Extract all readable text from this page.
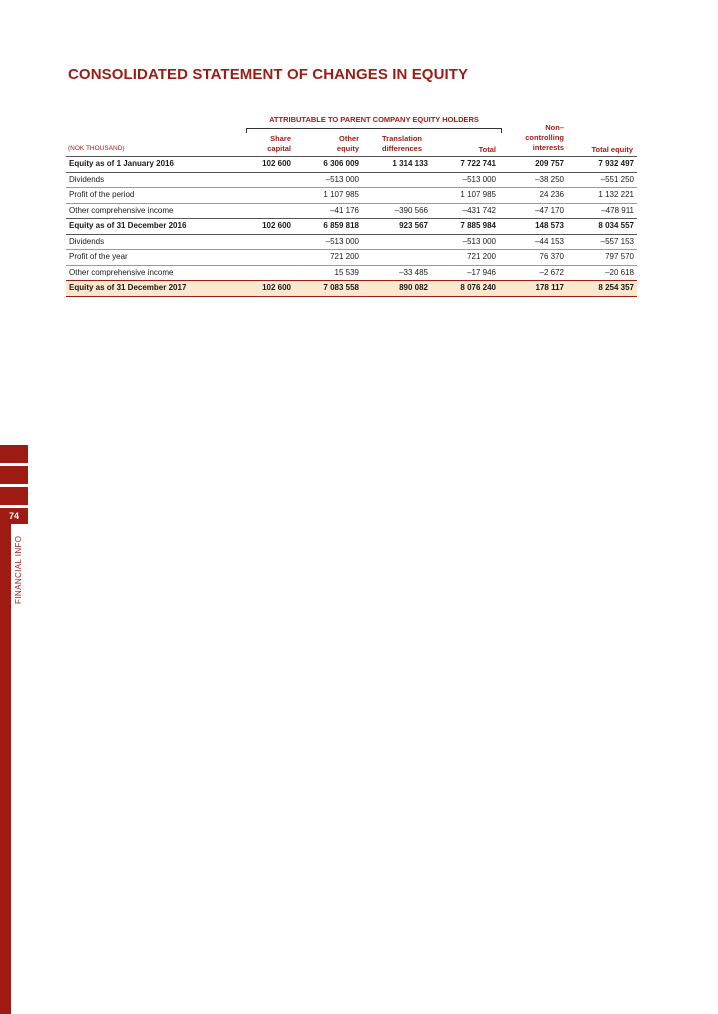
CONSOLIDATED STATEMENT OF CHANGES IN EQUITY
ATTRIBUTABLE TO PARENT COMPANY EQUITY HOLDERS
(NOK THOUSAND)
Share
capital
Other
equity
Translation
differences	Total
Non–
controlling
interests	Total equity
Equity as of 1 January 2016	102 600	6 306 009	1 314 133	7 722 741	209 757	7 932 497
Dividends		–513 000		–513 000	–38 250	–551 250
Profit of the period		1 107 985		1 107 985	24 236	1 132 221
Other comprehensive income		–41 176	–390 566	–431 742	–47 170	–478 911
Equity as of 31 December 2016	102 600	6 859 818	923 567	7 885 984	148 573	8 034 557
Dividends		–513 000		–513 000	–44 153	–557 153
Profit of the year		721 200		721 200	76 370	797 570
Other comprehensive income		15 539	–33 485	–17 946	–2 672	–20 618
Equity as of 31 December 2017	102 600	7 083 558	890 082	8 076 240	178 117	8 254 357
74
FINANCIAL INFO
